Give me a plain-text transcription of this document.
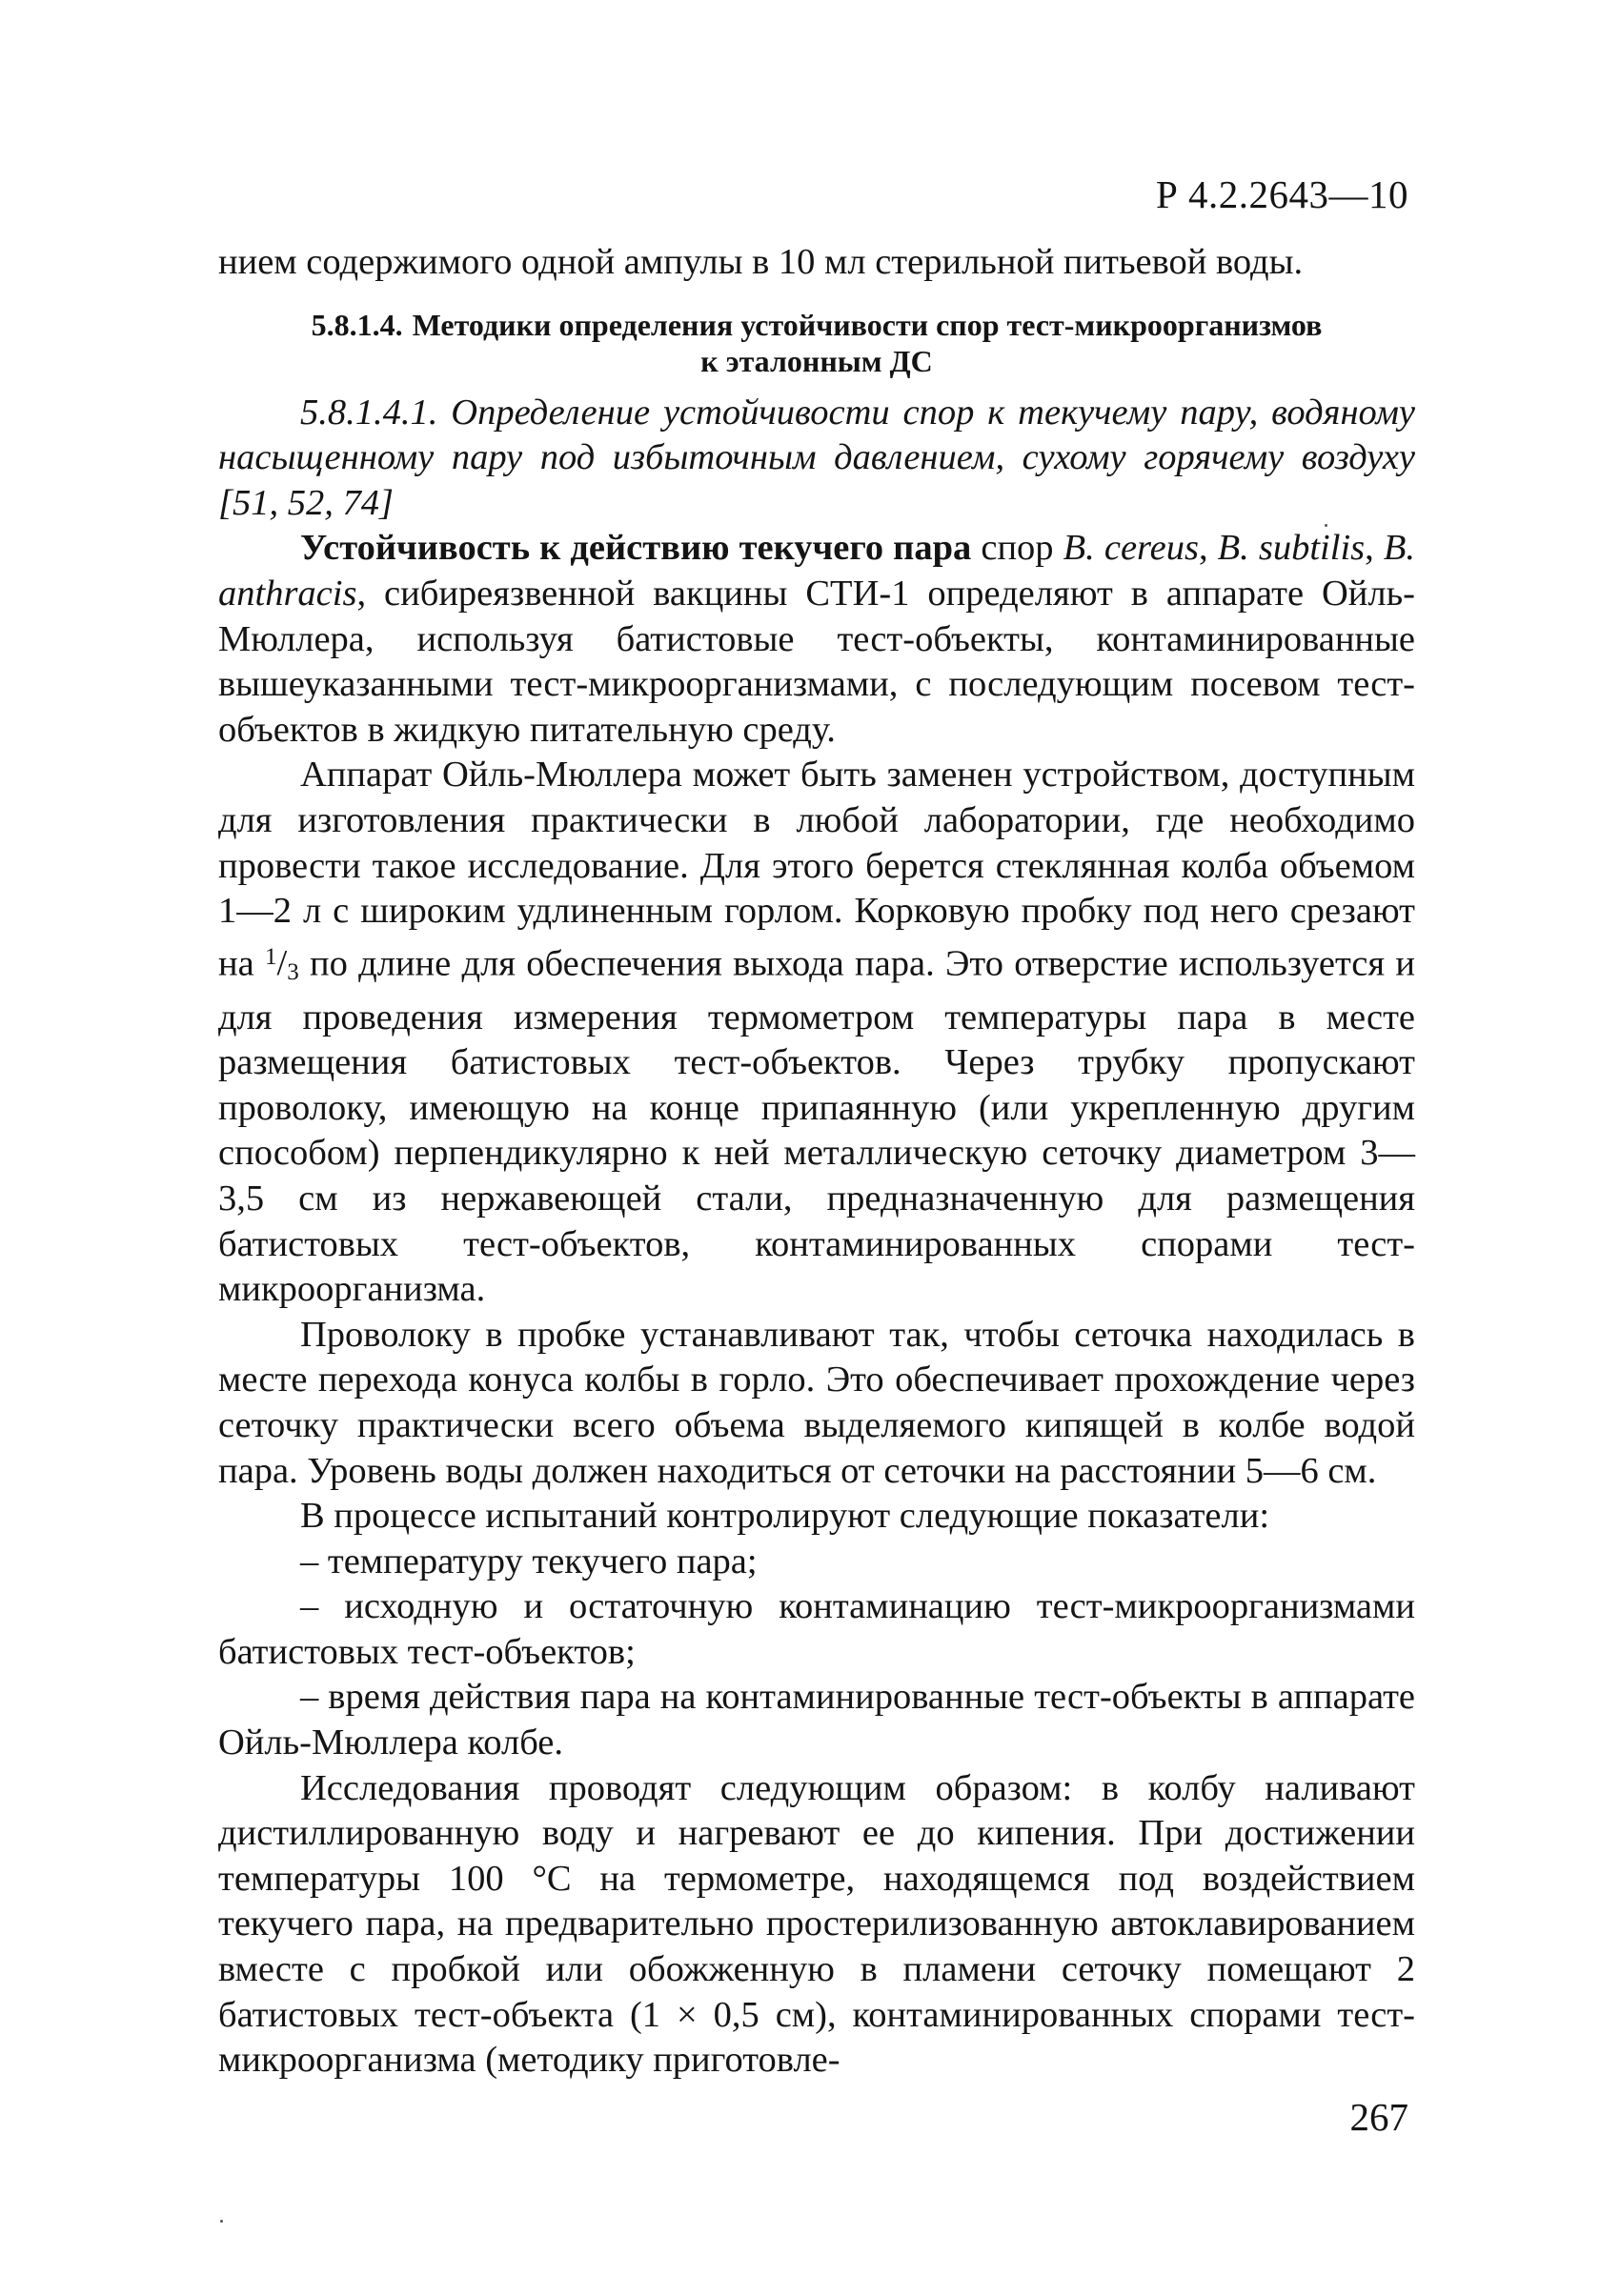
Р 4.2.2643—10

нием содержимого одной ампулы в 10 мл стерильной питьевой воды.

5.8.1.4. Методики определения устойчивости спор тест-микроорганизмов
к эталонным ДС

5.8.1.4.1. Определение устойчивости спор к текучему пару, водяному насыщенному пару под избыточным давлением, сухому горячему воздуху [51, 52, 74]

Устойчивость к действию текучего пара спор B. cereus, B. subtilis, B. anthracis, сибиреязвенной вакцины СТИ-1 определяют в аппарате Ойль-Мюллера, используя батистовые тест-объекты, контаминированные вышеуказанными тест-микроорганизмами, с последующим посевом тест-объектов в жидкую питательную среду.

Аппарат Ойль-Мюллера может быть заменен устройством, доступным для изготовления практически в любой лаборатории, где необходимо провести такое исследование. Для этого берется стеклянная колба объемом 1—2 л с широким удлиненным горлом. Корковую пробку под него срезают на $^1/_3$ по длине для обеспечения выхода пара. Это отверстие используется и для проведения измерения термометром температуры пара в месте размещения батистовых тест-объектов. Через трубку пропускают проволоку, имеющую на конце припаянную (или укрепленную другим способом) перпендикулярно к ней металлическую сеточку диаметром 3—3,5 см из нержавеющей стали, предназначенную для размещения батистовых тест-объектов, контаминированных спорами тест-микроорганизма.

Проволоку в пробке устанавливают так, чтобы сеточка находилась в месте перехода конуса колбы в горло. Это обеспечивает прохождение через сеточку практически всего объема выделяемого кипящей в колбе водой пара. Уровень воды должен находиться от сеточки на расстоянии 5—6 см.

В процессе испытаний контролируют следующие показатели:

– температуру текучего пара;

– исходную и остаточную контаминацию тест-микроорганизмами батистовых тест-объектов;

– время действия пара на контаминированные тест-объекты в аппарате Ойль-Мюллера колбе.

Исследования проводят следующим образом: в колбу наливают дистиллированную воду и нагревают ее до кипения. При достижении температуры 100 °С на термометре, находящемся под воздействием текучего пара, на предварительно простерилизованную автоклавированием вместе с пробкой или обожженную в пламени сеточку помещают 2 батистовых тест-объекта (1 × 0,5 см), контаминированных спорами тест-микроорганизма (методику приготовле-

267
